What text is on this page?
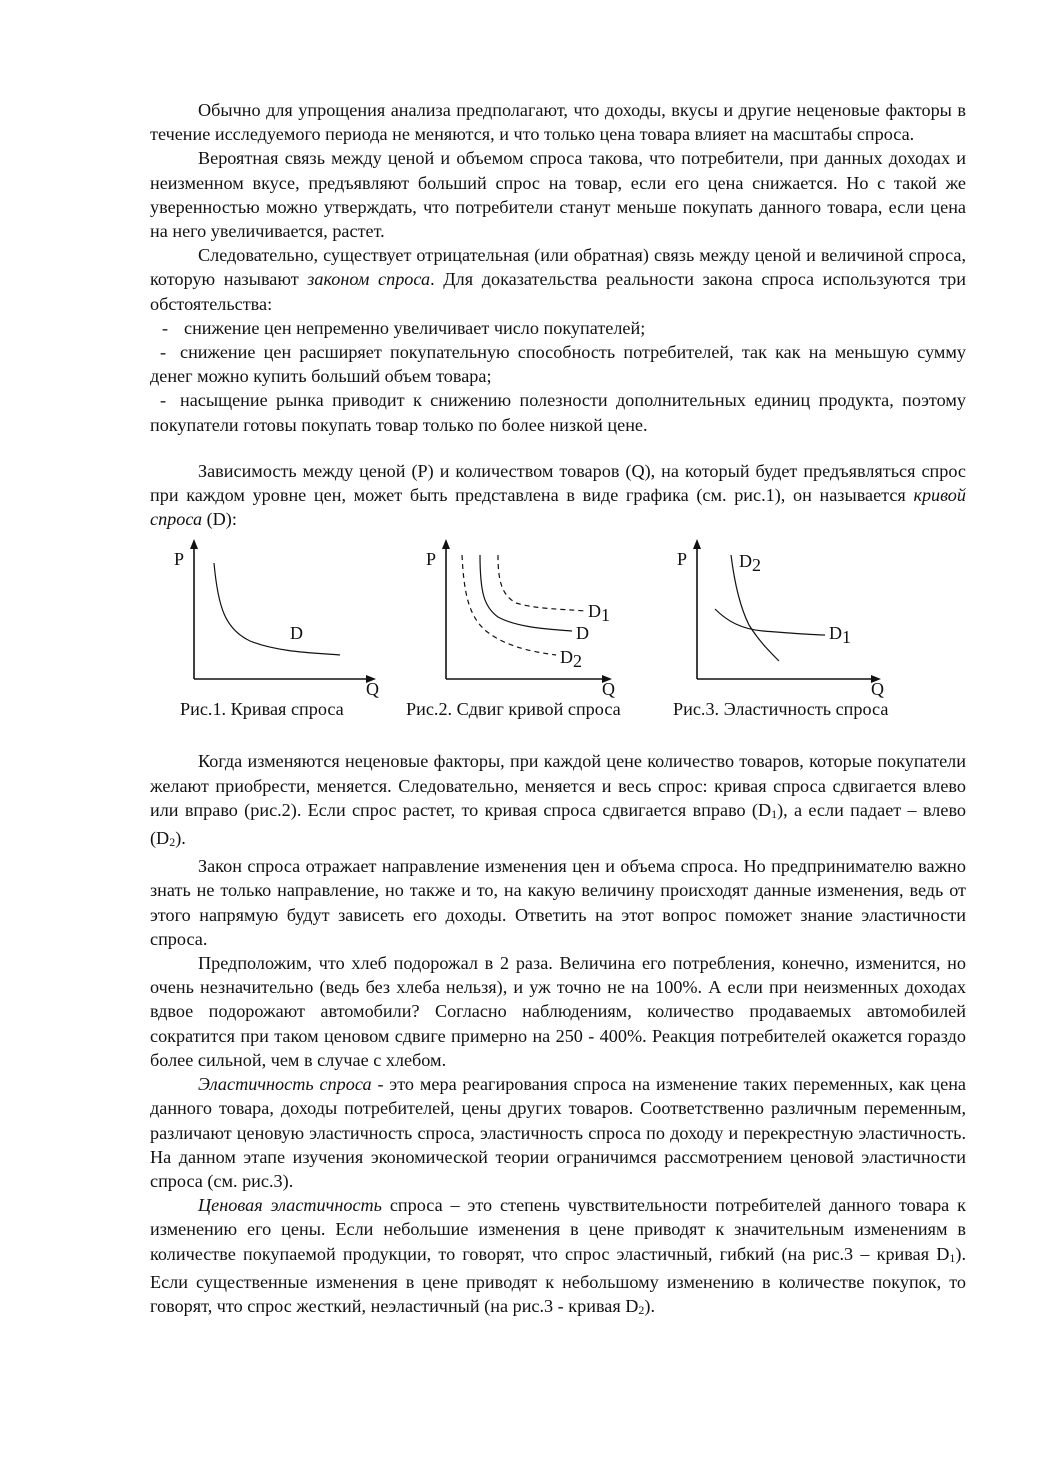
Обычно для упрощения анализа предполагают, что доходы, вкусы и другие неценовые факторы в течение исследуемого периода не меняются, и что только цена товара влияет на масштабы спроса.

Вероятная связь между ценой и объемом спроса такова, что потребители, при данных доходах и неизменном вкусе, предъявляют больший спрос на товар, если его цена снижается. Но с такой же уверенностью можно утверждать, что потребители станут меньше покупать данного товара, если цена на него увеличивается, растет.

Следовательно, существует отрицательная (или обратная) связь между ценой и величиной спроса, которую называют законом спроса. Для доказательства реальности закона спроса используются три обстоятельства:

- снижение цен непременно увеличивает число покупателей;

- снижение цен расширяет покупательную способность потребителей, так как на меньшую сумму денег можно купить больший объем товара;

- насыщение рынка приводит к снижению полезности дополнительных единиц продукта, поэтому покупатели готовы покупать товар только по более низкой цене.

Зависимость между ценой (Р) и количеством товаров (Q), на который будет предъявляться спрос при каждом уровне цен, может быть представлена в виде графика (см. рис.1), он называется кривой спроса (D):

P
Q
D
P
Q
D1
D
D2
P
Q
D2
D1
Рис.1. Кривая спроса	Рис.2. Сдвиг кривой спроса	Рис.3. Эластичность спроса

Когда изменяются неценовые факторы, при каждой цене количество товаров, которые покупатели желают приобрести, меняется. Следовательно, меняется и весь спрос: кривая спроса сдвигается влево или вправо (рис.2). Если спрос растет, то кривая спроса сдвигается вправо $(D_1)$, а если падает – влево $(D_2)$.

Закон спроса отражает направление изменения цен и объема спроса. Но предпринимателю важно знать не только направление, но также и то, на какую величину происходят данные изменения, ведь от этого напрямую будут зависеть его доходы. Ответить на этот вопрос поможет знание эластичности спроса.

Предположим, что хлеб подорожал в 2 раза. Величина его потребления, конечно, изменится, но очень незначительно (ведь без хлеба нельзя), и уж точно не на 100%. А если при неизменных доходах вдвое подорожают автомобили? Согласно наблюдениям, количество продаваемых автомобилей сократится при таком ценовом сдвиге примерно на 250 - 400%. Реакция потребителей окажется гораздо более сильной, чем в случае с хлебом.

Эластичность спроса - это мера реагирования спроса на изменение таких переменных, как цена данного товара, доходы потребителей, цены других товаров. Соответственно различным переменным, различают ценовую эластичность спроса, эластичность спроса по доходу и перекрестную эластичность. На данном этапе изучения экономической теории ограничимся рассмотрением ценовой эластичности спроса (см. рис.3).

Ценовая эластичность спроса – это степень чувствительности потребителей данного товара к изменению его цены. Если небольшие изменения в цене приводят к значительным изменениям в количестве покупаемой продукции, то говорят, что спрос эластичный, гибкий (на рис.3 – кривая $D_1$). Если существенные изменения в цене приводят к небольшому изменению в количестве покупок, то говорят, что спрос жесткий, неэластичный (на рис.3 - кривая $D_2$).
